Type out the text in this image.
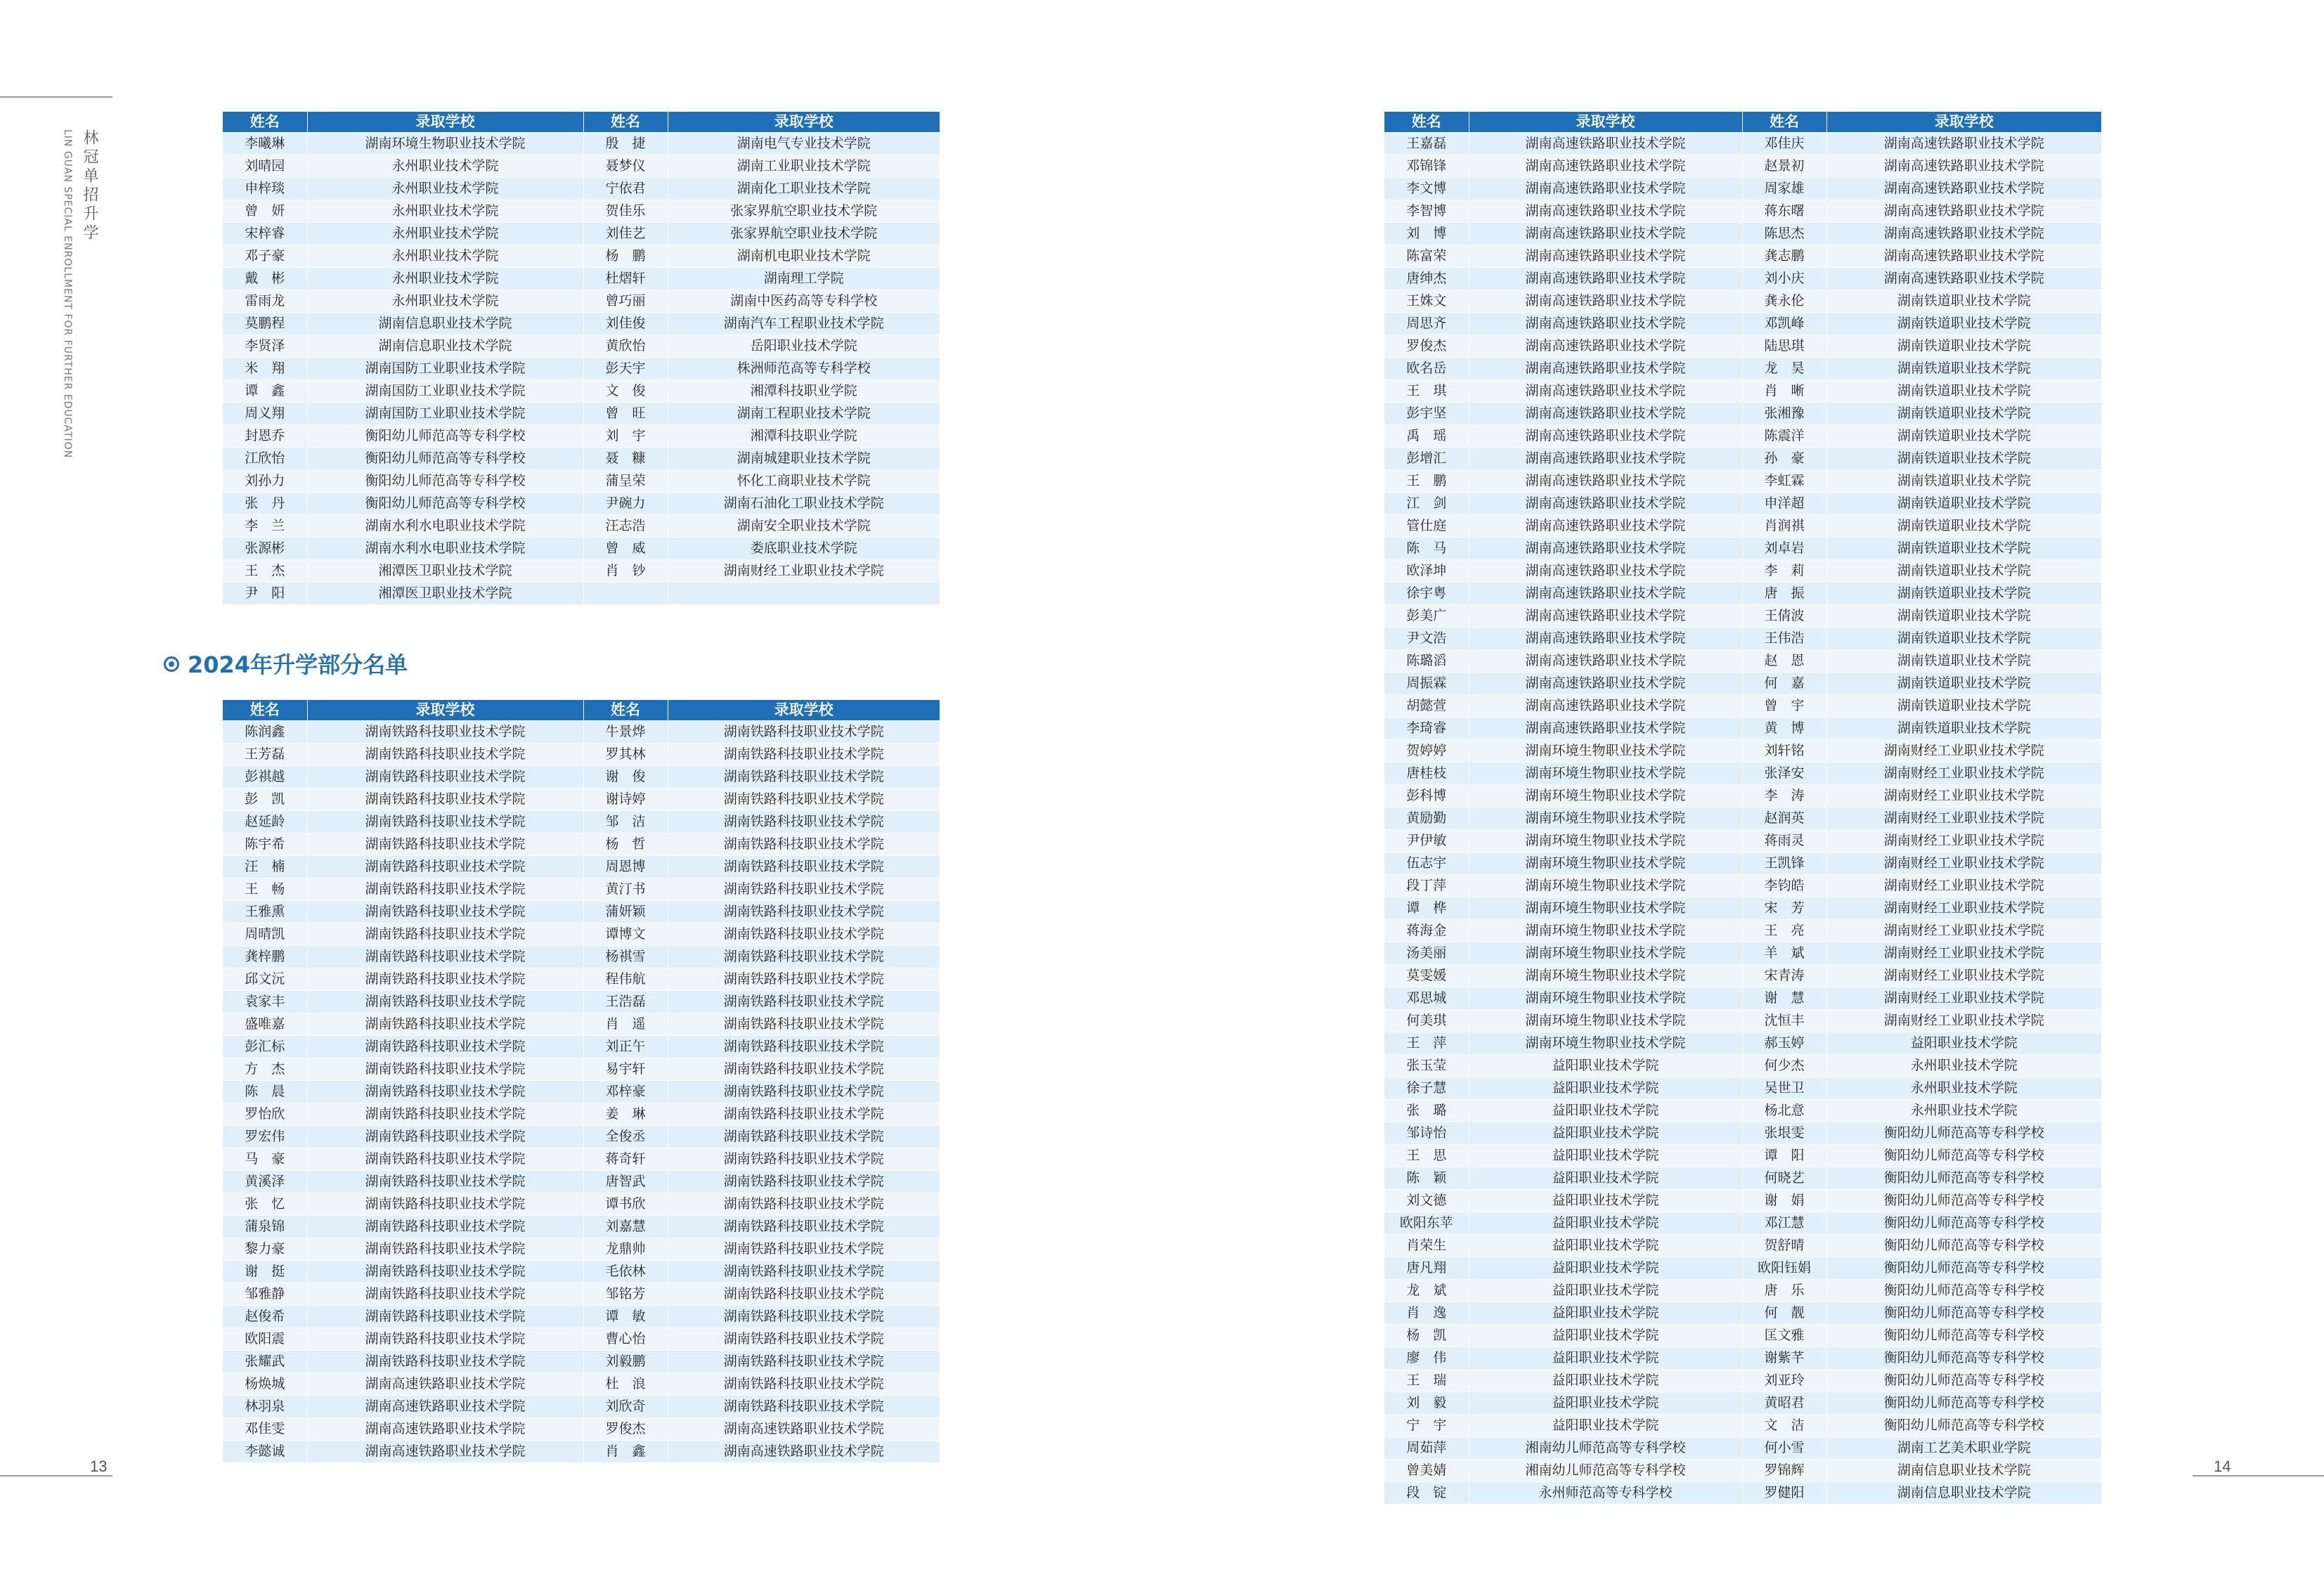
林冠单招升学
LIN GUAN SPECIAL ENROLLMENT FOR FURTHER EDUCATION
姓名	录取学校	姓名	录取学校
李曦琳	湖南环境生物职业技术学院	殷　捷	湖南电气专业技术学院
刘晴园	永州职业技术学院	聂梦仪	湖南工业职业技术学院
申梓琰	永州职业技术学院	宁依君	湖南化工职业技术学院
曾　妍	永州职业技术学院	贺佳乐	张家界航空职业技术学院
宋梓睿	永州职业技术学院	刘佳艺	张家界航空职业技术学院
邓子豪	永州职业技术学院	杨　鹏	湖南机电职业技术学院
戴　彬	永州职业技术学院	杜熠轩	湖南理工学院
雷雨龙	永州职业技术学院	曾巧丽	湖南中医药高等专科学校
莫鹏程	湖南信息职业技术学院	刘佳俊	湖南汽车工程职业技术学院
李贤泽	湖南信息职业技术学院	黄欣怡	岳阳职业技术学院
米　翔	湖南国防工业职业技术学院	彭天宇	株洲师范高等专科学校
谭　鑫	湖南国防工业职业技术学院	文　俊	湘潭科技职业学院
周义翔	湖南国防工业职业技术学院	曾　旺	湖南工程职业技术学院
封恩乔	衡阳幼儿师范高等专科学校	刘　宇	湘潭科技职业学院
江欣怡	衡阳幼儿师范高等专科学校	聂　糠	湖南城建职业技术学院
刘孙力	衡阳幼儿师范高等专科学校	蒲呈荣	怀化工商职业技术学院
张　丹	衡阳幼儿师范高等专科学校	尹碗力	湖南石油化工职业技术学院
李　兰	湖南水利水电职业技术学院	汪志浩	湖南安全职业技术学院
张源彬	湖南水利水电职业技术学院	曾　威	娄底职业技术学院
王　杰	湘潭医卫职业技术学院	肖　钞	湖南财经工业职业技术学院
尹　阳	湘潭医卫职业技术学院		
2024年升学部分名单
姓名	录取学校	姓名	录取学校
陈润鑫	湖南铁路科技职业技术学院	牛景烨	湖南铁路科技职业技术学院
王芳磊	湖南铁路科技职业技术学院	罗其林	湖南铁路科技职业技术学院
彭祺越	湖南铁路科技职业技术学院	谢　俊	湖南铁路科技职业技术学院
彭　凯	湖南铁路科技职业技术学院	谢诗婷	湖南铁路科技职业技术学院
赵延龄	湖南铁路科技职业技术学院	邹　洁	湖南铁路科技职业技术学院
陈宇希	湖南铁路科技职业技术学院	杨　哲	湖南铁路科技职业技术学院
汪　楠	湖南铁路科技职业技术学院	周恩博	湖南铁路科技职业技术学院
王　畅	湖南铁路科技职业技术学院	黄汀书	湖南铁路科技职业技术学院
王雅熏	湖南铁路科技职业技术学院	蒲妍颖	湖南铁路科技职业技术学院
周晴凯	湖南铁路科技职业技术学院	谭博文	湖南铁路科技职业技术学院
龚梓鹏	湖南铁路科技职业技术学院	杨祺雪	湖南铁路科技职业技术学院
邱文沅	湖南铁路科技职业技术学院	程伟航	湖南铁路科技职业技术学院
袁家丰	湖南铁路科技职业技术学院	王浩磊	湖南铁路科技职业技术学院
盛唯嘉	湖南铁路科技职业技术学院	肖　遥	湖南铁路科技职业技术学院
彭汇标	湖南铁路科技职业技术学院	刘正午	湖南铁路科技职业技术学院
方　杰	湖南铁路科技职业技术学院	易宇轩	湖南铁路科技职业技术学院
陈　晨	湖南铁路科技职业技术学院	邓梓豪	湖南铁路科技职业技术学院
罗怡欣	湖南铁路科技职业技术学院	姜　琳	湖南铁路科技职业技术学院
罗宏伟	湖南铁路科技职业技术学院	全俊丞	湖南铁路科技职业技术学院
马　豪	湖南铁路科技职业技术学院	蒋奇轩	湖南铁路科技职业技术学院
黄溪泽	湖南铁路科技职业技术学院	唐智武	湖南铁路科技职业技术学院
张　忆	湖南铁路科技职业技术学院	谭书欣	湖南铁路科技职业技术学院
蒲泉锦	湖南铁路科技职业技术学院	刘嘉慧	湖南铁路科技职业技术学院
黎力豪	湖南铁路科技职业技术学院	龙鼎帅	湖南铁路科技职业技术学院
谢　挺	湖南铁路科技职业技术学院	毛依林	湖南铁路科技职业技术学院
邹雅静	湖南铁路科技职业技术学院	邹铭芳	湖南铁路科技职业技术学院
赵俊希	湖南铁路科技职业技术学院	谭　敏	湖南铁路科技职业技术学院
欧阳震	湖南铁路科技职业技术学院	曹心怡	湖南铁路科技职业技术学院
张耀武	湖南铁路科技职业技术学院	刘毅鹏	湖南铁路科技职业技术学院
杨焕城	湖南高速铁路职业技术学院	杜　浪	湖南铁路科技职业技术学院
林羽泉	湖南高速铁路职业技术学院	刘欣奇	湖南铁路科技职业技术学院
邓佳雯	湖南高速铁路职业技术学院	罗俊杰	湖南高速铁路职业技术学院
李懿诚	湖南高速铁路职业技术学院	肖　鑫	湖南高速铁路职业技术学院
姓名	录取学校	姓名	录取学校
王嘉磊	湖南高速铁路职业技术学院	邓佳庆	湖南高速铁路职业技术学院
邓锦锋	湖南高速铁路职业技术学院	赵景初	湖南高速铁路职业技术学院
李文博	湖南高速铁路职业技术学院	周家雄	湖南高速铁路职业技术学院
李智博	湖南高速铁路职业技术学院	蒋东曙	湖南高速铁路职业技术学院
刘　博	湖南高速铁路职业技术学院	陈思杰	湖南高速铁路职业技术学院
陈富荣	湖南高速铁路职业技术学院	龚志鹏	湖南高速铁路职业技术学院
唐绅杰	湖南高速铁路职业技术学院	刘小庆	湖南高速铁路职业技术学院
王姝文	湖南高速铁路职业技术学院	龚永伦	湖南铁道职业技术学院
周思齐	湖南高速铁路职业技术学院	邓凯峰	湖南铁道职业技术学院
罗俊杰	湖南高速铁路职业技术学院	陆思琪	湖南铁道职业技术学院
欧名岳	湖南高速铁路职业技术学院	龙　昊	湖南铁道职业技术学院
王　琪	湖南高速铁路职业技术学院	肖　晰	湖南铁道职业技术学院
彭宇坚	湖南高速铁路职业技术学院	张湘豫	湖南铁道职业技术学院
禹　瑶	湖南高速铁路职业技术学院	陈震洋	湖南铁道职业技术学院
彭增汇	湖南高速铁路职业技术学院	孙　豪	湖南铁道职业技术学院
王　鹏	湖南高速铁路职业技术学院	李虹霖	湖南铁道职业技术学院
江　剑	湖南高速铁路职业技术学院	申洋超	湖南铁道职业技术学院
管仕庭	湖南高速铁路职业技术学院	肖润祺	湖南铁道职业技术学院
陈　马	湖南高速铁路职业技术学院	刘卓岩	湖南铁道职业技术学院
欧泽坤	湖南高速铁路职业技术学院	李　莉	湖南铁道职业技术学院
徐宇粤	湖南高速铁路职业技术学院	唐　振	湖南铁道职业技术学院
彭美广	湖南高速铁路职业技术学院	王倩波	湖南铁道职业技术学院
尹文浩	湖南高速铁路职业技术学院	王伟浩	湖南铁道职业技术学院
陈璐滔	湖南高速铁路职业技术学院	赵　恩	湖南铁道职业技术学院
周振霖	湖南高速铁路职业技术学院	何　嘉	湖南铁道职业技术学院
胡懿萱	湖南高速铁路职业技术学院	曾　宇	湖南铁道职业技术学院
李琦睿	湖南高速铁路职业技术学院	黄　博	湖南铁道职业技术学院
贺婷婷	湖南环境生物职业技术学院	刘轩铭	湖南财经工业职业技术学院
唐桂枝	湖南环境生物职业技术学院	张泽安	湖南财经工业职业技术学院
彭科博	湖南环境生物职业技术学院	李　涛	湖南财经工业职业技术学院
黄励勤	湖南环境生物职业技术学院	赵润英	湖南财经工业职业技术学院
尹伊敏	湖南环境生物职业技术学院	蒋雨灵	湖南财经工业职业技术学院
伍志宇	湖南环境生物职业技术学院	王凯锋	湖南财经工业职业技术学院
段丁萍	湖南环境生物职业技术学院	李钧皓	湖南财经工业职业技术学院
谭　桦	湖南环境生物职业技术学院	宋　芳	湖南财经工业职业技术学院
蒋海金	湖南环境生物职业技术学院	王　亮	湖南财经工业职业技术学院
汤美丽	湖南环境生物职业技术学院	羊　斌	湖南财经工业职业技术学院
莫雯媛	湖南环境生物职业技术学院	宋青涛	湖南财经工业职业技术学院
邓思城	湖南环境生物职业技术学院	谢　慧	湖南财经工业职业技术学院
何美琪	湖南环境生物职业技术学院	沈恒丰	湖南财经工业职业技术学院
王　萍	湖南环境生物职业技术学院	郝玉婷	益阳职业技术学院
张玉莹	益阳职业技术学院	何少杰	永州职业技术学院
徐子慧	益阳职业技术学院	吴世卫	永州职业技术学院
张　璐	益阳职业技术学院	杨北意	永州职业技术学院
邹诗怡	益阳职业技术学院	张垠雯	衡阳幼儿师范高等专科学校
王　思	益阳职业技术学院	谭　阳	衡阳幼儿师范高等专科学校
陈　颖	益阳职业技术学院	何晓艺	衡阳幼儿师范高等专科学校
刘文德	益阳职业技术学院	谢　娟	衡阳幼儿师范高等专科学校
欧阳东苹	益阳职业技术学院	邓江慧	衡阳幼儿师范高等专科学校
肖荣生	益阳职业技术学院	贺舒晴	衡阳幼儿师范高等专科学校
唐凡翔	益阳职业技术学院	欧阳钰娟	衡阳幼儿师范高等专科学校
龙　斌	益阳职业技术学院	唐　乐	衡阳幼儿师范高等专科学校
肖　逸	益阳职业技术学院	何　靓	衡阳幼儿师范高等专科学校
杨　凯	益阳职业技术学院	匡文雅	衡阳幼儿师范高等专科学校
廖　伟	益阳职业技术学院	谢紫芊	衡阳幼儿师范高等专科学校
王　瑞	益阳职业技术学院	刘亚玲	衡阳幼儿师范高等专科学校
刘　毅	益阳职业技术学院	黄昭君	衡阳幼儿师范高等专科学校
宁　宇	益阳职业技术学院	文　洁	衡阳幼儿师范高等专科学校
周茹萍	湘南幼儿师范高等专科学校	何小雪	湖南工艺美术职业学院
曾美婧	湘南幼儿师范高等专科学校	罗锦辉	湖南信息职业技术学院
段　锭	永州师范高等专科学校	罗健阳	湖南信息职业技术学院
13	14
